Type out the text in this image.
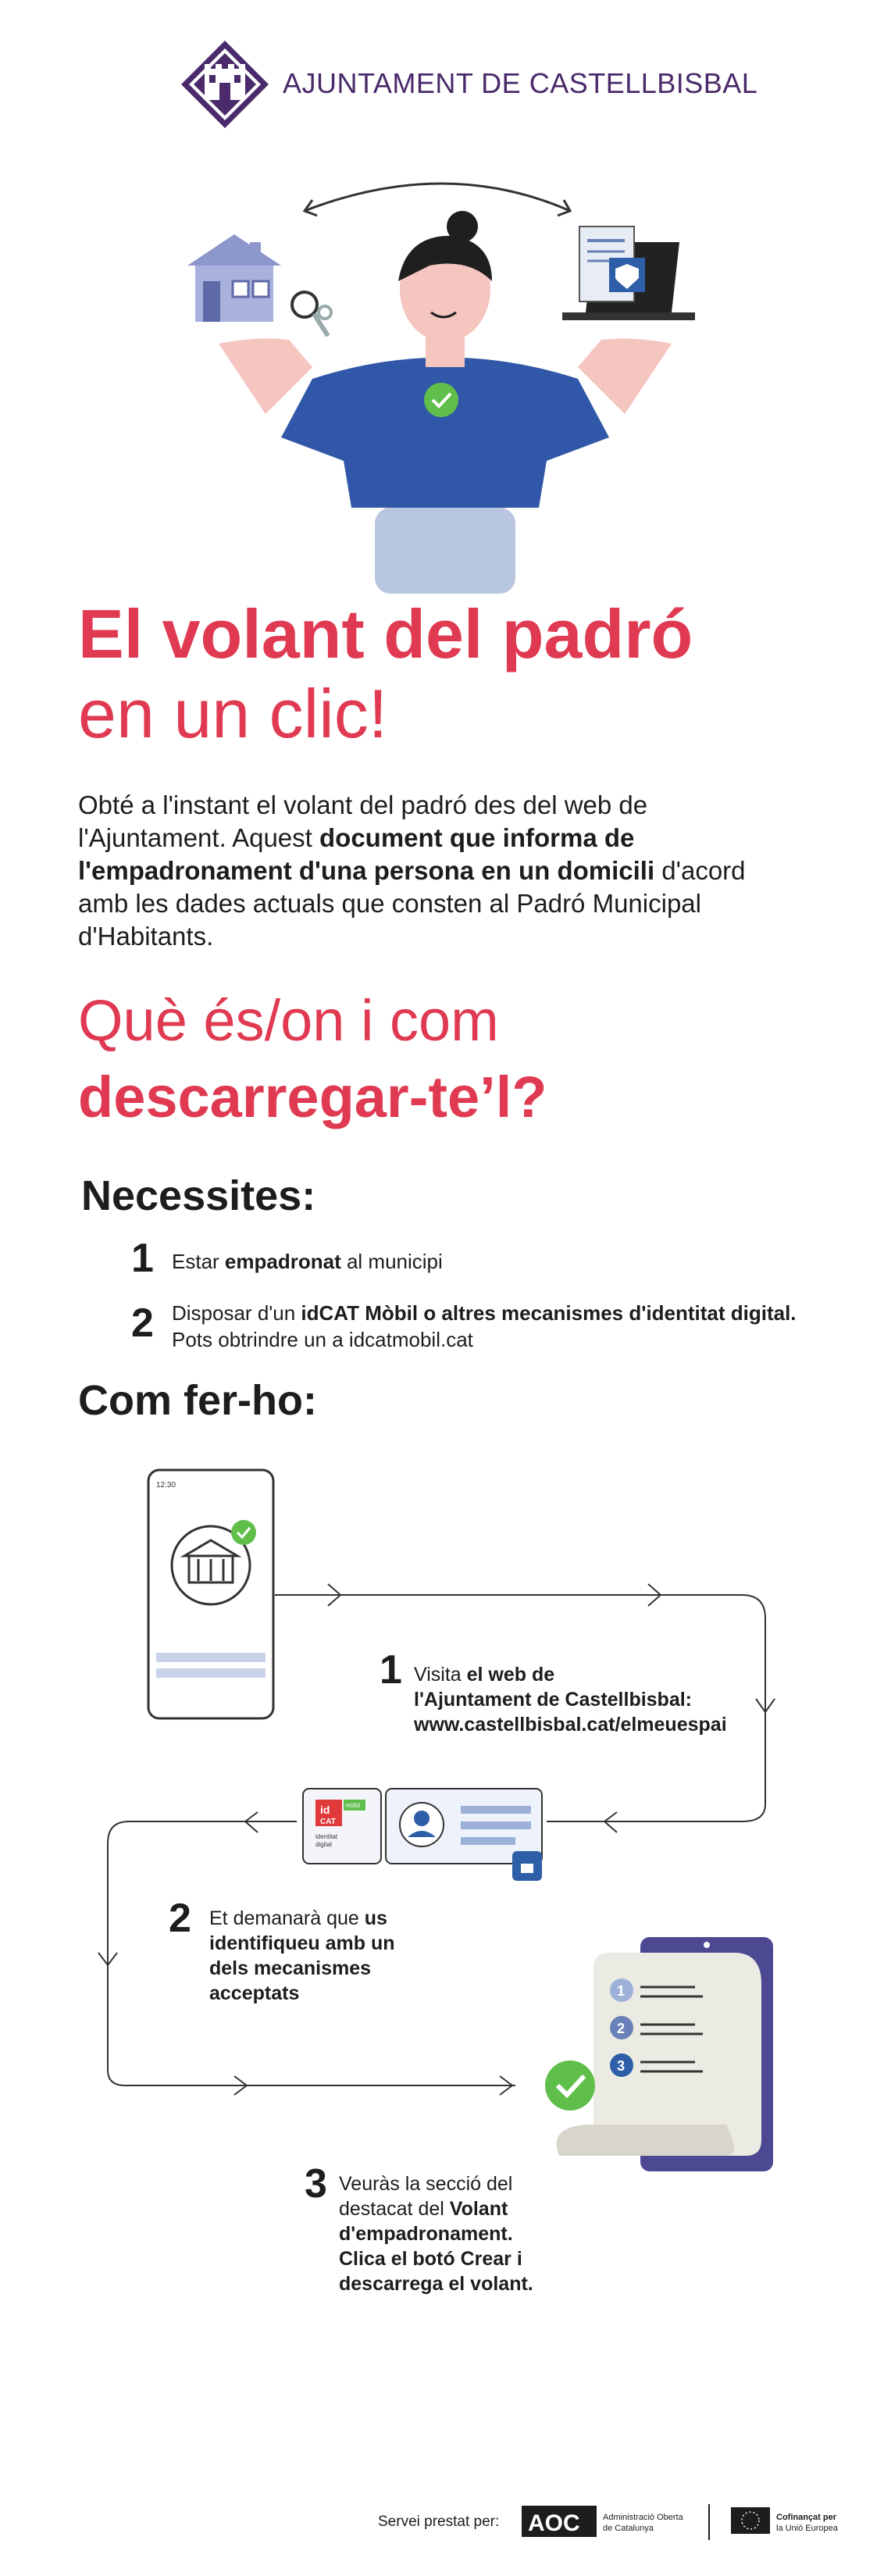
AJUNTAMENT DE CASTELLBISBAL
El volant del padró
en un clic!
Obté a l'instant el volant del padró des del web de l'Ajuntament. Aquest document que informa de l'empadronament d'una persona en un domicili d'acord amb les dades actuals que consten al Padró Municipal d'Habitants.
Què és/on i com
descarregar-te’l?
Necessites:
1 Estar empadronat al municipi
2 Disposar d'un idCAT Mòbil o altres mecanismes d'identitat digital.
Pots obtrindre un a idcatmobil.cat
Com fer-ho:
12:30
id
CAT
mòbil
identitat
digital
1
2
3
1 Visita el web de
l'Ajuntament de Castellbisbal:
www.castellbisbal.cat/elmeuespai
2 Et demanarà que us
identifiqueu amb un
dels mecanismes
acceptats
3 Veuràs la secció del
destacat del Volant
d'empadronament.
Clica el botó Crear i
descarrega el volant.
Servei prestat per: AOC	Administració Oberta
de Catalunya
Cofinançat per
la Unió Europea
